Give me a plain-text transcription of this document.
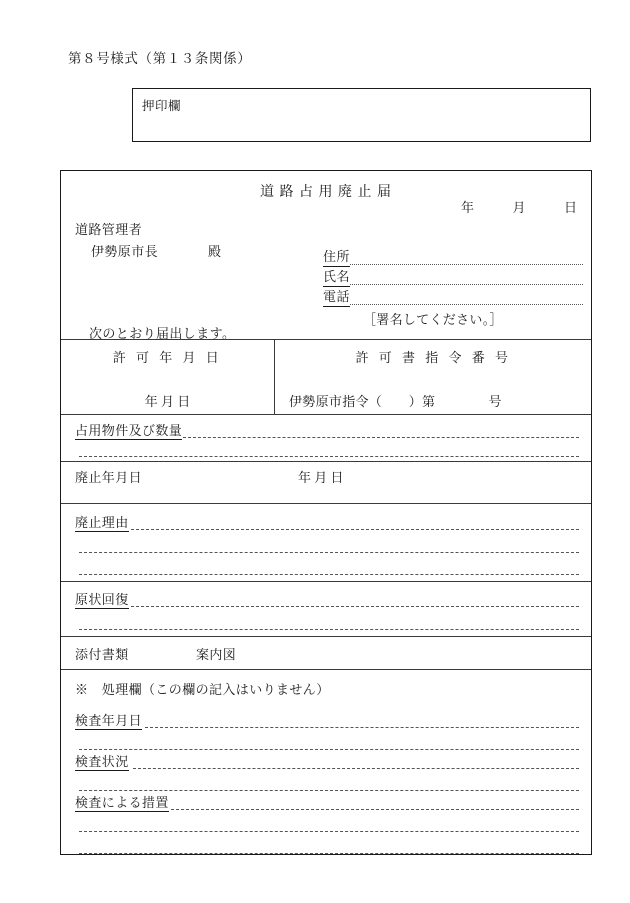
第８号様式（第１３条関係）
押印欄
道 路 占 用 廃 止 届
年	月	日
道路管理者
伊勢原市長	殿	住所
氏名
電話
［署名してください。］
次のとおり届出します。
許 可 年 月 日	許 可 書 指 令 番 号
年 月 日	伊勢原市指令（　　）第　　　　号
占用物件及び数量
廃止年月日	年 月 日
廃止理由
原状回復
添付書類	案内図
※　処理欄（この欄の記入はいりません）
検査年月日
検査状況
検査による措置
